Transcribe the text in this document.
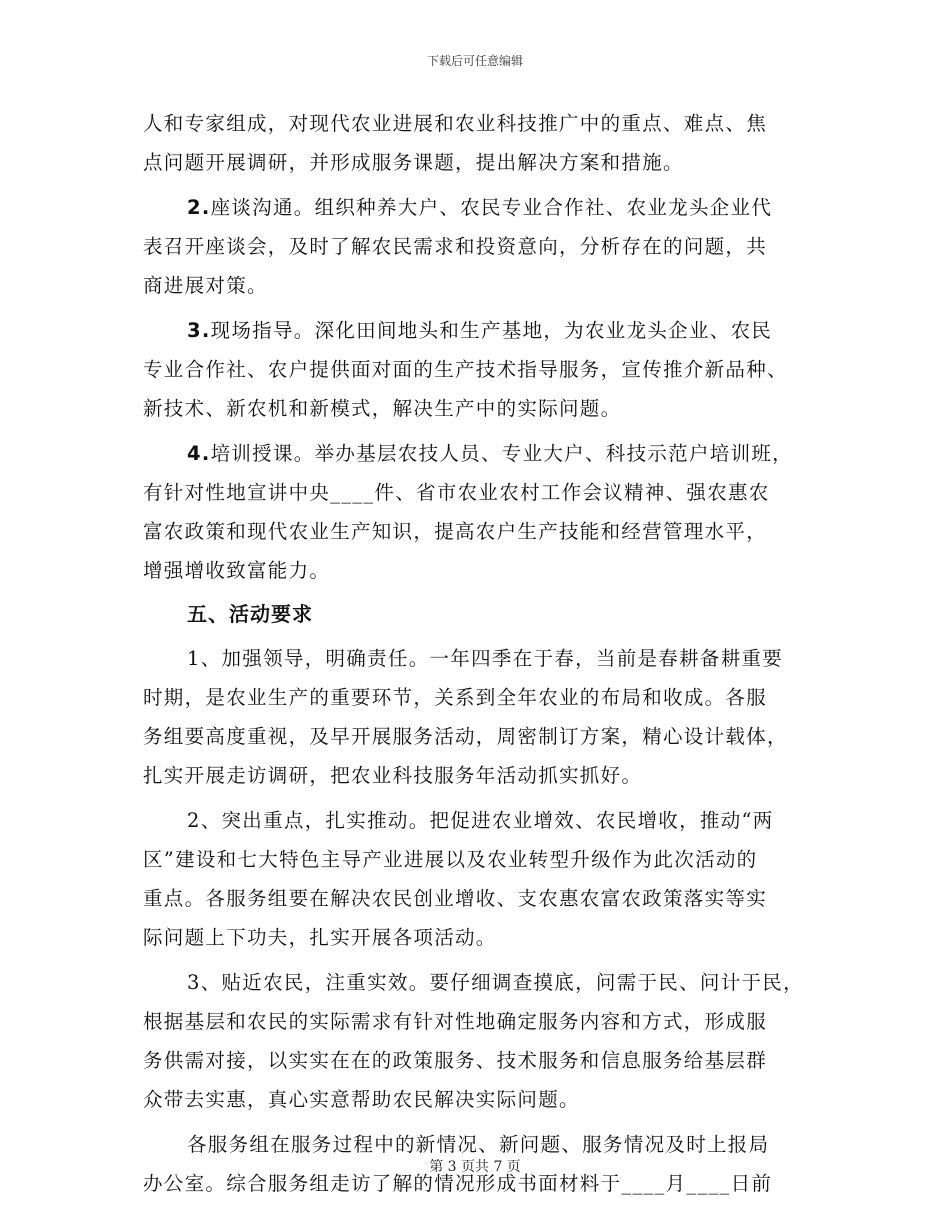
下载后可任意编辑
人和专家组成，对现代农业进展和农业科技推广中的重点、难点、焦
点问题开展调研，并形成服务课题，提出解决方案和措施。
2.座谈沟通。组织种养大户、农民专业合作社、农业龙头企业代
表召开座谈会，及时了解农民需求和投资意向，分析存在的问题，共
商进展对策。
3.现场指导。深化田间地头和生产基地，为农业龙头企业、农民
专业合作社、农户提供面对面的生产技术指导服务，宣传推介新品种、
新技术、新农机和新模式，解决生产中的实际问题。
4.培训授课。举办基层农技人员、专业大户、科技示范户培训班，
有针对性地宣讲中央____件、省市农业农村工作会议精神、强农惠农
富农政策和现代农业生产知识，提高农户生产技能和经营管理水平，
增强增收致富能力。
五、活动要求
1、加强领导，明确责任。一年四季在于春，当前是春耕备耕重要
时期，是农业生产的重要环节，关系到全年农业的布局和收成。各服
务组要高度重视，及早开展服务活动，周密制订方案，精心设计载体，
扎实开展走访调研，把农业科技服务年活动抓实抓好。
2、突出重点，扎实推动。把促进农业增效、农民增收，推动“两
区”建设和七大特色主导产业进展以及农业转型升级作为此次活动的
重点。各服务组要在解决农民创业增收、支农惠农富农政策落实等实
际问题上下功夫，扎实开展各项活动。
3、贴近农民，注重实效。要仔细调查摸底，问需于民、问计于民，
根据基层和农民的实际需求有针对性地确定服务内容和方式，形成服
务供需对接，以实实在在的政策服务、技术服务和信息服务给基层群
众带去实惠，真心实意帮助农民解决实际问题。
各服务组在服务过程中的新情况、新问题、服务情况及时上报局
办公室。综合服务组走访了解的情况形成书面材料于____月____日前
第 3 页共 7 页
